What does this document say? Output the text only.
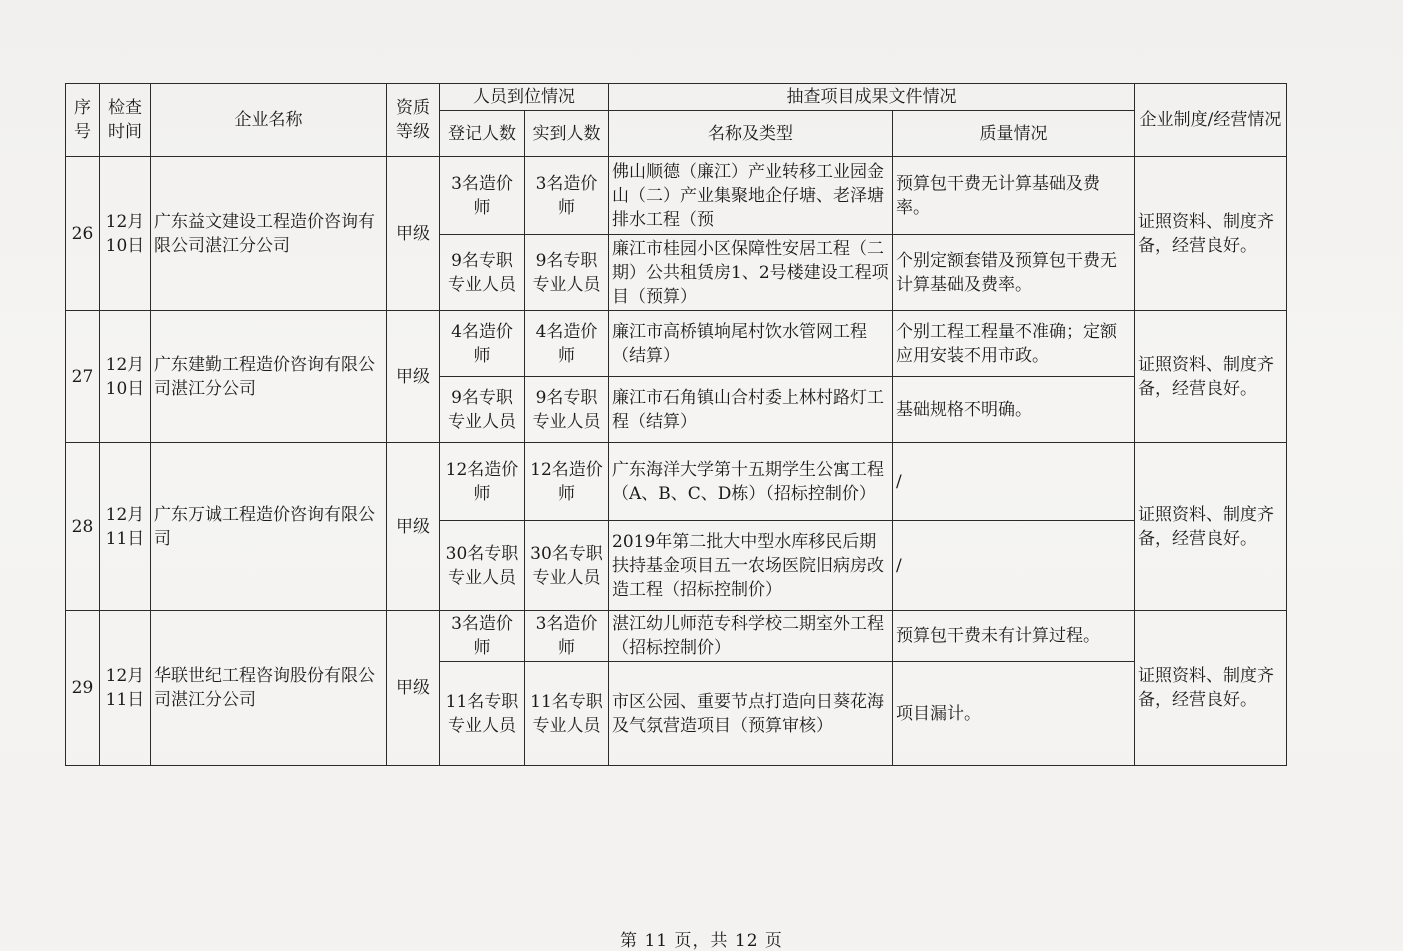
序号	检查时间	企业名称	资质等级	人员到位情况		抽查项目成果文件情况		企业制度/经营情况
				登记人数	实到人数	名称及类型	质量情况	
26	12月10日	广东益文建设工程造价咨询有限公司湛江分公司	甲级	3名造价师	3名造价师	佛山顺德（廉江）产业转移工业园金山（二）产业集聚地企仔塘、老泽塘排水工程（预	预算包干费无计算基础及费率。	证照资料、制度齐备，经营良好。
				9名专职专业人员	9名专职专业人员	廉江市桂园小区保障性安居工程（二期）公共租赁房1、2号楼建设工程项目（预算）	个别定额套错及预算包干费无计算基础及费率。	
27	12月10日	广东建勤工程造价咨询有限公司湛江分公司	甲级	4名造价师	4名造价师	廉江市高桥镇垧尾村饮水管网工程（结算）	个别工程工程量不准确；定额应用安装不用市政。	证照资料、制度齐备，经营良好。
				9名专职专业人员	9名专职专业人员	廉江市石角镇山合村委上林村路灯工程（结算）	基础规格不明确。	
28	12月11日	广东万诚工程造价咨询有限公司	甲级	12名造价师	12名造价师	广东海洋大学第十五期学生公寓工程（A、B、C、D栋）（招标控制价）	/	证照资料、制度齐备，经营良好。
				30名专职专业人员	30名专职专业人员	2019年第二批大中型水库移民后期扶持基金项目五一农场医院旧病房改造工程（招标控制价）	/	
29	12月11日	华联世纪工程咨询股份有限公司湛江分公司	甲级	3名造价师	3名造价师	湛江幼儿师范专科学校二期室外工程（招标控制价）	预算包干费未有计算过程。	证照资料、制度齐备，经营良好。
				11名专职专业人员	11名专职专业人员	市区公园、重要节点打造向日葵花海及气氛营造项目（预算审核）	项目漏计。	
第 11 页，共 12 页
